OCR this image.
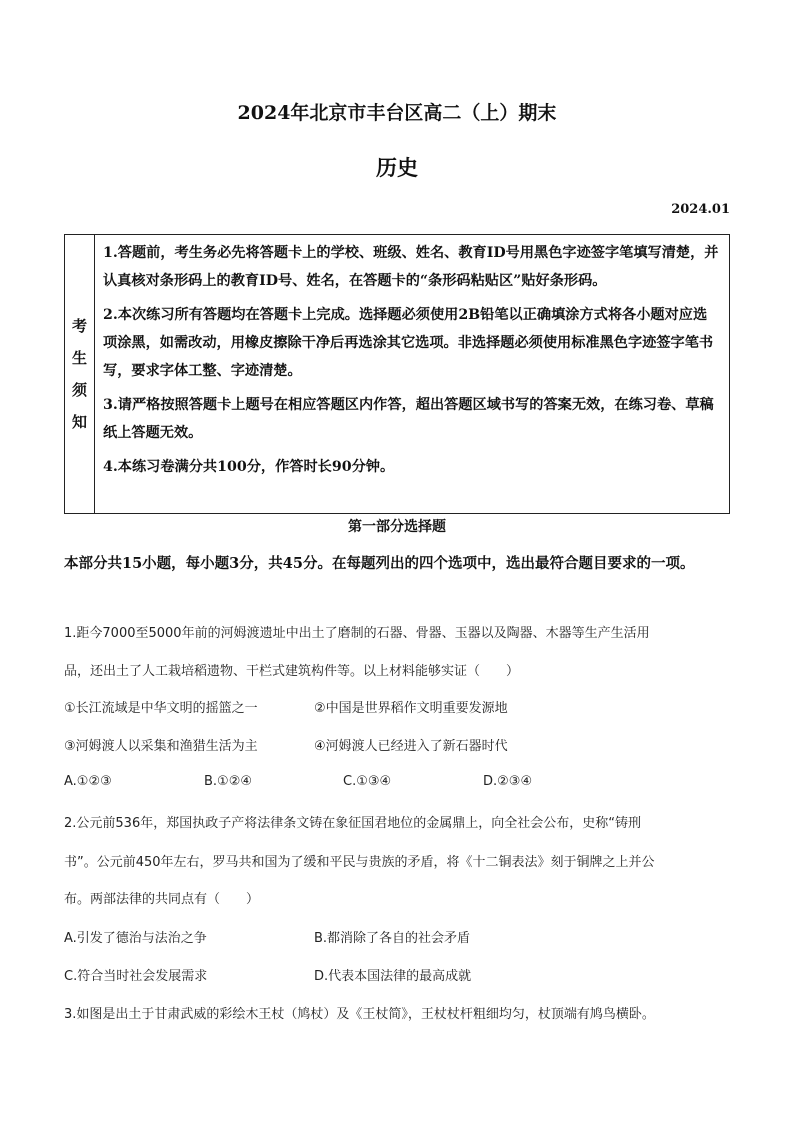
2024年北京市丰台区高二（上）期末
历史
2024.01
考
生
须
知

1.答题前，考生务必先将答题卡上的学校、班级、姓名、教育ID号用黑色字迹签字笔填写清楚，并认真核对条形码上的教育ID号、姓名，在答题卡的“条形码粘贴区”贴好条形码。

2.本次练习所有答题均在答题卡上完成。选择题必须使用2B铅笔以正确填涂方式将各小题对应选项涂黑，如需改动，用橡皮擦除干净后再选涂其它选项。非选择题必须使用标准黑色字迹签字笔书写，要求字体工整、字迹清楚。

3.请严格按照答题卡上题号在相应答题区内作答，超出答题区域书写的答案无效，在练习卷、草稿纸上答题无效。

4.本练习卷满分共100分，作答时长90分钟。

第一部分选择题
本部分共15小题，每小题3分，共45分。在每题列出的四个选项中，选出最符合题目要求的一项。
1.距今7000至5000年前的河姆渡遗址中出土了磨制的石器、骨器、玉器以及陶器、木器等生产生活用
品，还出土了人工栽培稻遗物、干栏式建筑构件等。以上材料能够实证（　　）
①长江流域是中华文明的摇篮之一	②中国是世界稻作文明重要发源地
③河姆渡人以采集和渔猎生活为主	④河姆渡人已经进入了新石器时代
A.①②③	B.①②④	C.①③④	D.②③④
2.公元前536年，郑国执政子产将法律条文铸在象征国君地位的金属鼎上，向全社会公布，史称“铸刑
书”。公元前450年左右，罗马共和国为了缓和平民与贵族的矛盾，将《十二铜表法》刻于铜牌之上并公
布。两部法律的共同点有（　　）
A.引发了德治与法治之争	B.都消除了各自的社会矛盾
C.符合当时社会发展需求	D.代表本国法律的最高成就
3.如图是出土于甘肃武威的彩绘木王杖（鸠杖）及《王杖简》，王杖杖杆粗细均匀，杖顶端有鸠鸟横卧。
